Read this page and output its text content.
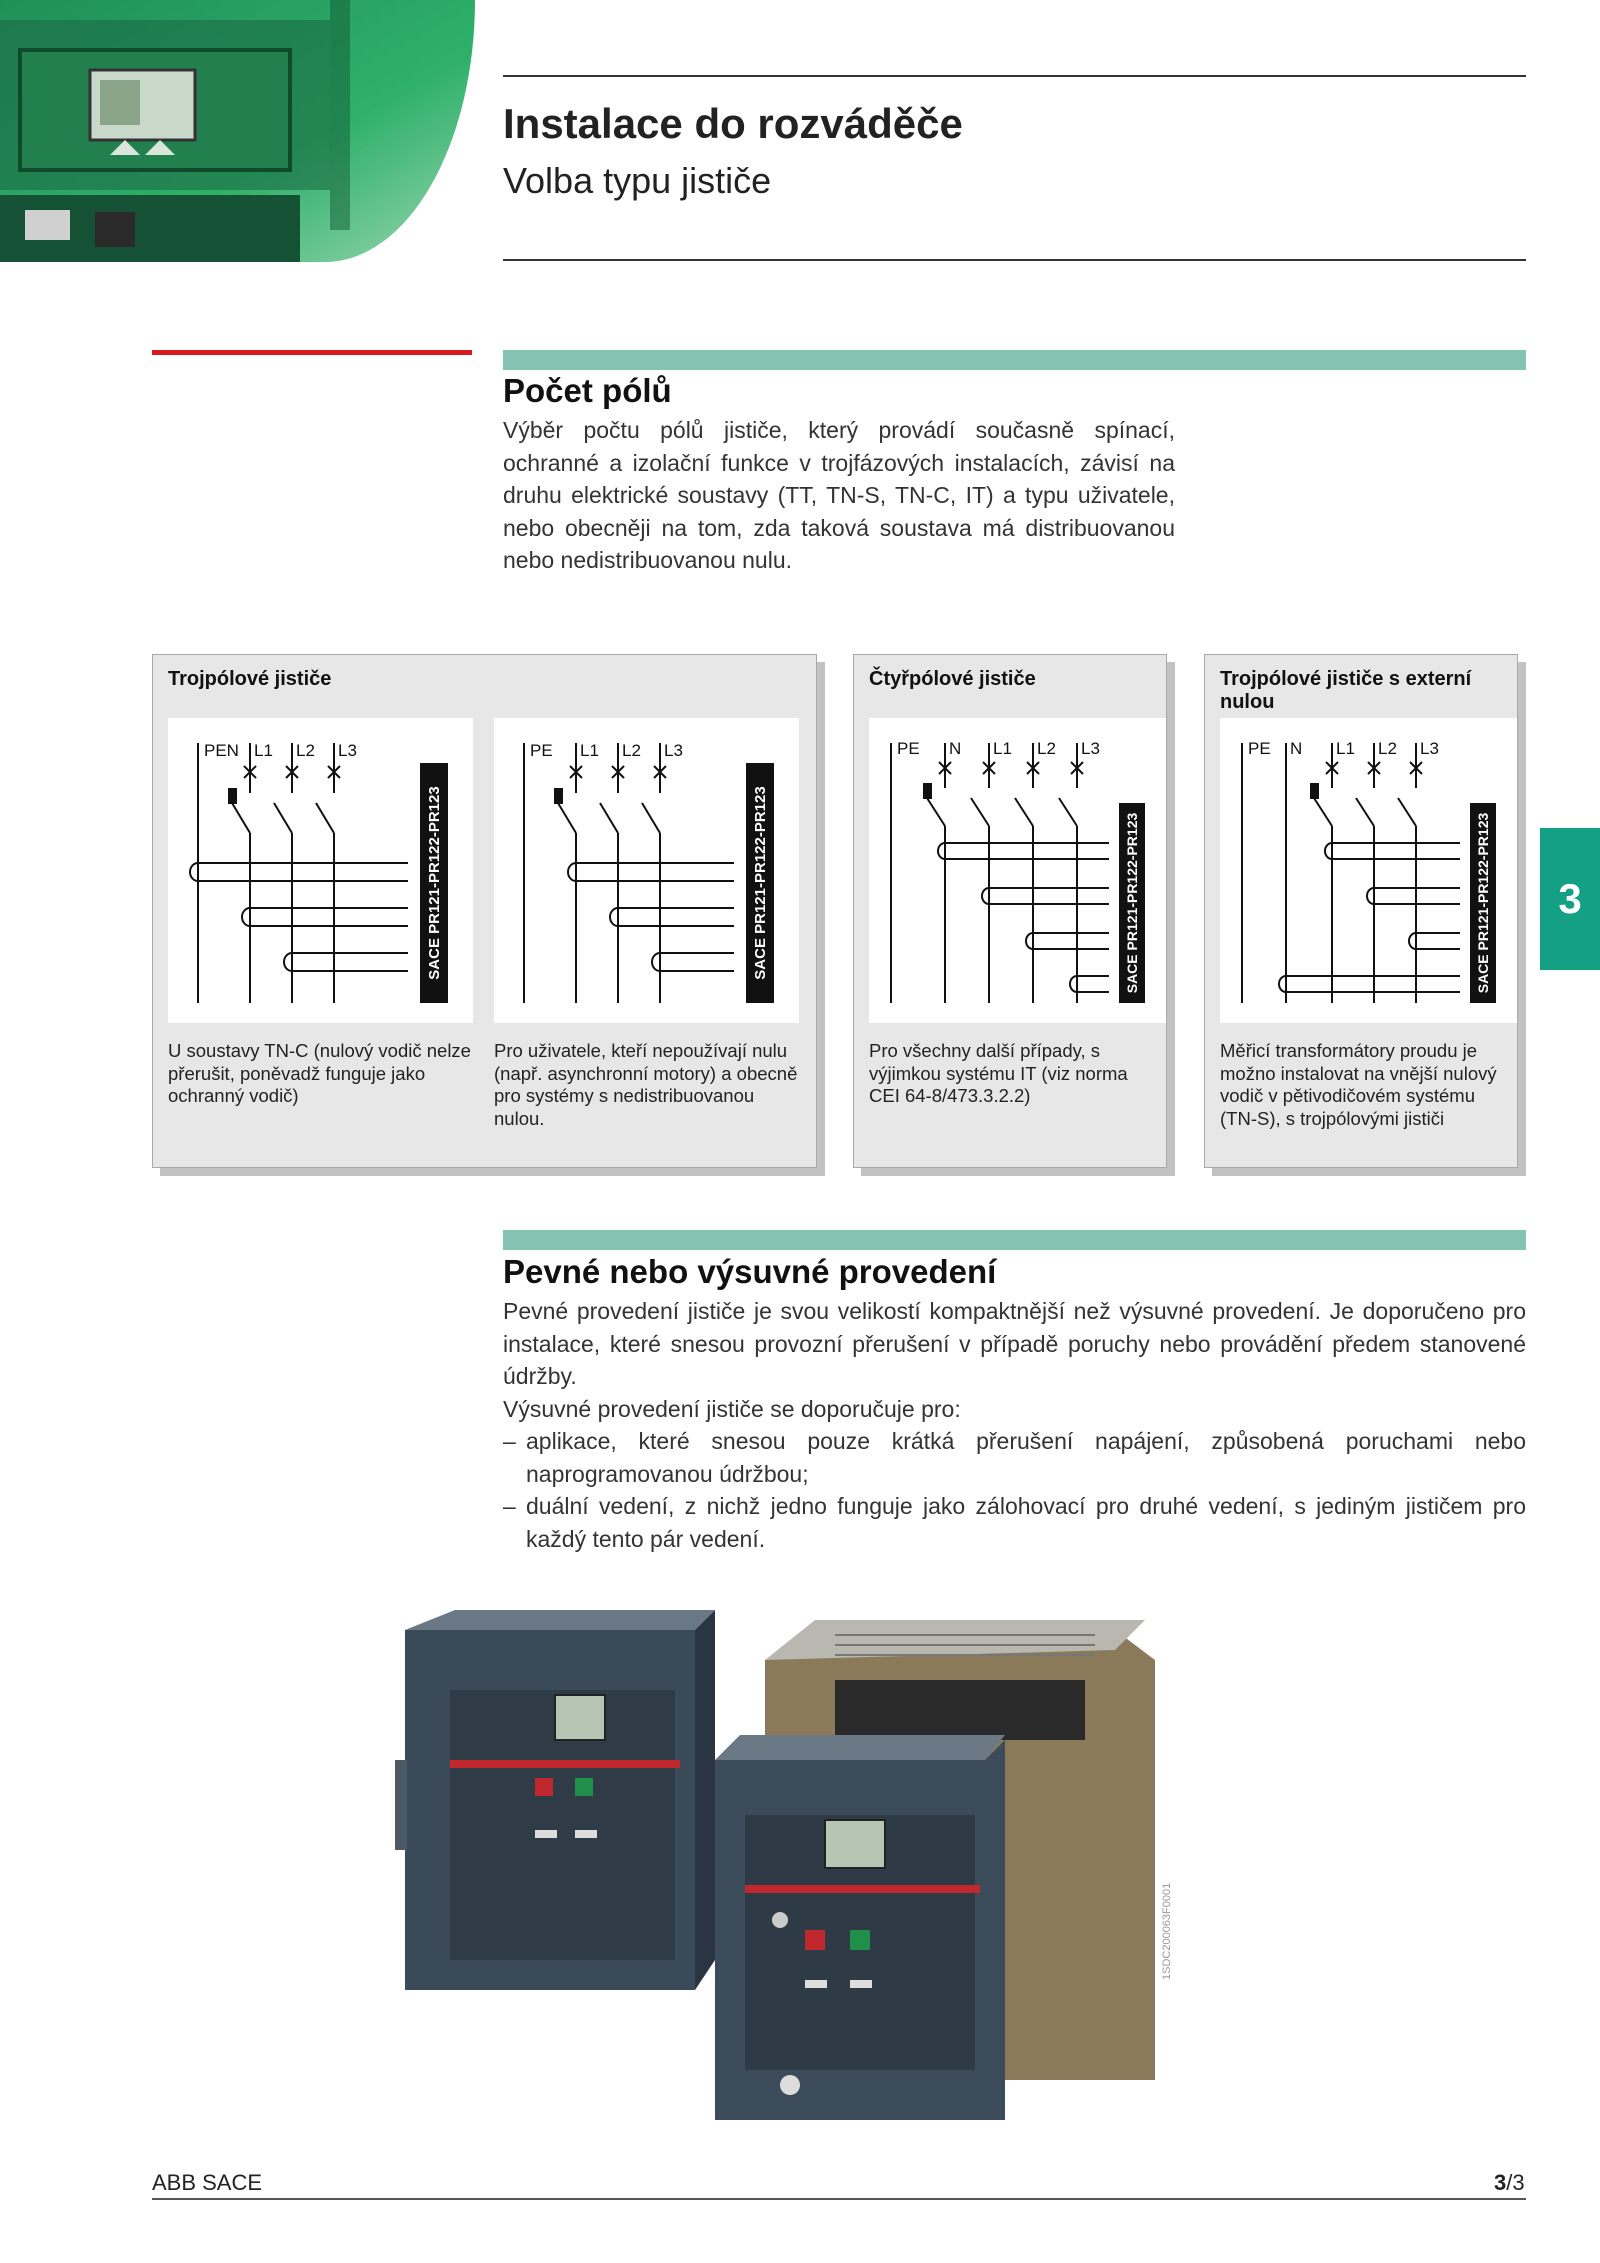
Instalace do rozváděče
Volba typu jističe
Počet pólů
Výběr počtu pólů jističe, který provádí současně spínací, ochranné a izolační funkce v trojfázových instalacích, závisí na druhu elektrické soustavy (TT, TN-S, TN-C, IT) a typu uživatele, nebo obecněji na tom, zda taková soustava má distribuovanou nebo nedistribuovanou nulu.
Trojpólové jističe
PEN L1 L2 L3
SACE PR121-PR122-PR123
U soustavy TN-C (nulový vodič nelze přerušit, poněvadž funguje jako ochranný vodič)
PE L1 L2 L3
SACE PR121-PR122-PR123
Pro uživatele, kteří nepoužívají nulu (např. asynchronní motory) a obecně pro systémy s nedistribuovanou nulou.
Čtyřpólové jističe
PE N L1 L2 L3
SACE PR121-PR122-PR123
Pro všechny další případy, s výjimkou systému IT (viz norma CEI 64-8/473.3.2.2)
Trojpólové jističe s externí nulou
PE N L1 L2 L3
SACE PR121-PR122-PR123
Měřicí transformátory proudu je možno instalovat na vnější nulový vodič v pětivodičovém systému (TN-S), s trojpólovými jističi
3
Pevné nebo výsuvné provedení
Pevné provedení jističe je svou velikostí kompaktnější než výsuvné provedení. Je doporučeno pro instalace, které snesou provozní přerušení v případě poruchy nebo provádění předem stanovené údržby.
Výsuvné provedení jističe se doporučuje pro:
– aplikace, které snesou pouze krátká přerušení napájení, způsobená poruchami nebo naprogramovanou údržbou;
– duální vedení, z nichž jedno funguje jako zálohovací pro druhé vedení, s jediným jističem pro každý tento pár vedení.
1SDC200063F0001
ABB SACE	3/3
